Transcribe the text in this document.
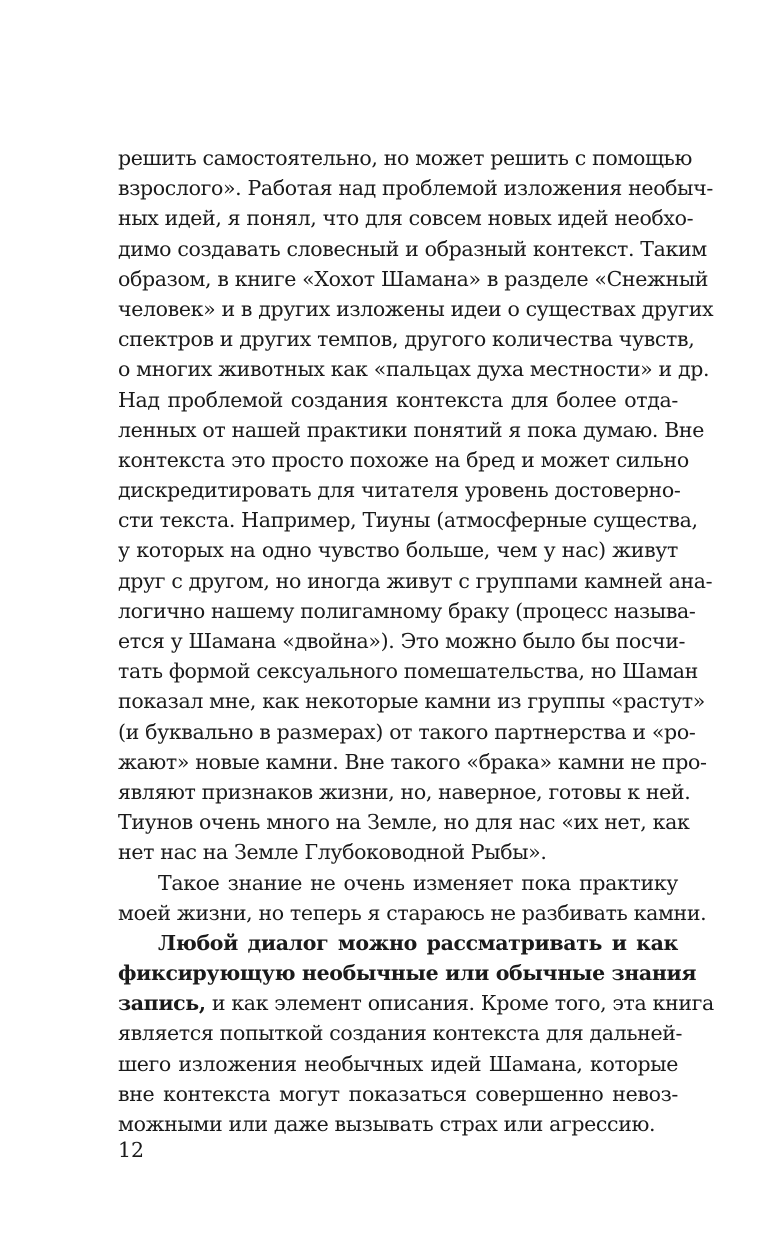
решить самостоятельно, но может решить с помощью
взрослого». Работая над проблемой изложения необыч-
ных идей, я понял, что для совсем новых идей необхо-
димо создавать словесный и образный контекст. Таким
образом, в книге «Хохот Шамана» в разделе «Снежный
человек» и в других изложены идеи о существах других
спектров и других темпов, другого количества чувств,
о многих животных как «пальцах духа местности» и др.
Над проблемой создания контекста для более отда-
ленных от нашей практики понятий я пока думаю. Вне
контекста это просто похоже на бред и может сильно
дискредитировать для читателя уровень достоверно-
сти текста. Например, Тиуны (атмосферные существа,
у которых на одно чувство больше, чем у нас) живут
друг с другом, но иногда живут с группами камней ана-
логично нашему полигамному браку (процесс называ-
ется у Шамана «двойна»). Это можно было бы посчи-
тать формой сексуального помешательства, но Шаман
показал мне, как некоторые камни из группы «растут»
(и буквально в размерах) от такого партнерства и «ро-
жают» новые камни. Вне такого «брака» камни не про-
являют признаков жизни, но, наверное, готовы к ней.
Тиунов очень много на Земле, но для нас «их нет, как
нет нас на Земле Глубоководной Рыбы».
Такое знание не очень изменяет пока практику
моей жизни, но теперь я стараюсь не разбивать камни.
Любой диалог можно рассматривать и как
фиксирующую необычные или обычные знания
запись, и как элемент описания. Кроме того, эта книга
является попыткой создания контекста для дальней-
шего изложения необычных идей Шамана, которые
вне контекста могут показаться совершенно невоз-
можными или даже вызывать страх или агрессию.
12
